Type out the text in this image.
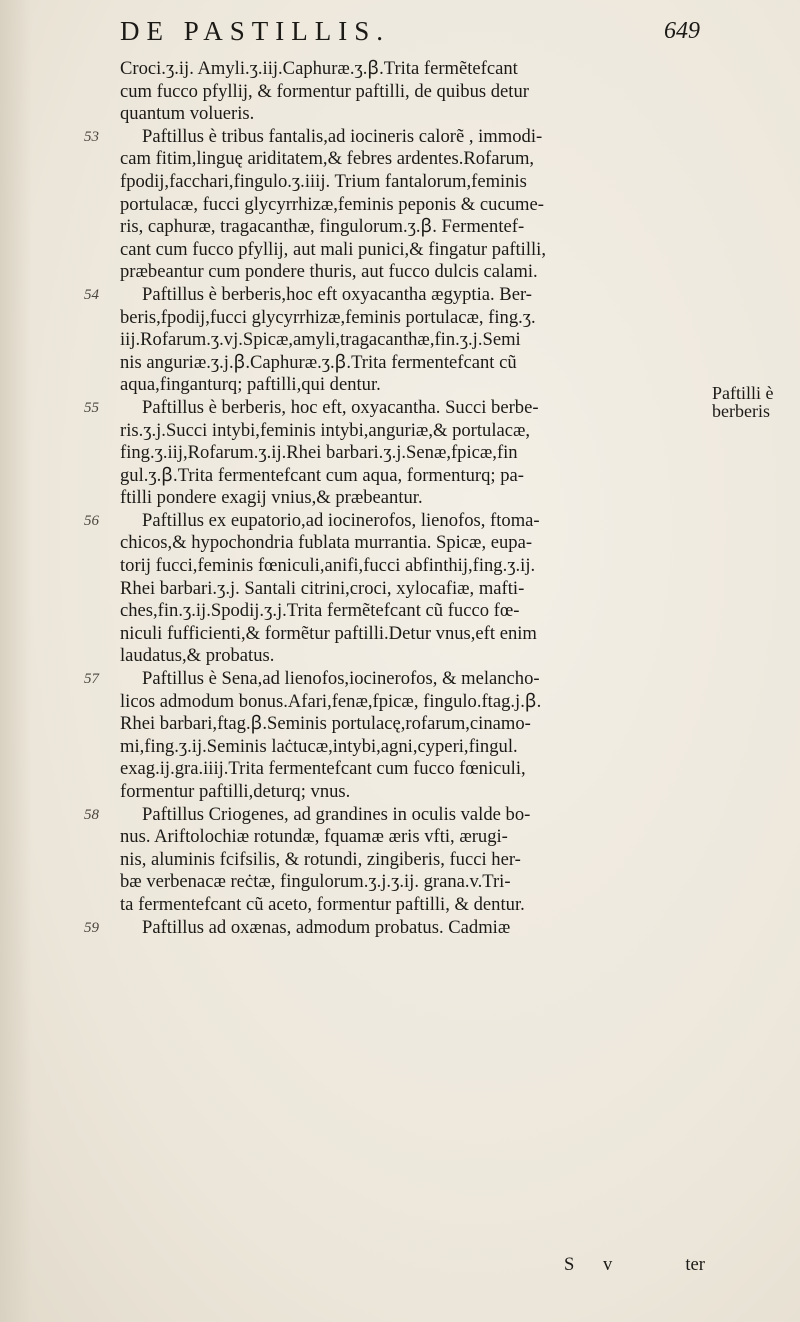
DE PASTILLIS.	649
Croci.ʒ.ij. Amyli.ʒ.iij.Caphuræ.ʒ.ꞵ.Trita fermẽtefcant
cum fucco pfyllij, & formentur paftilli, de quibus detur
quantum volueris.
53	Paftillus è tribus fantalis,ad iocineris calorẽ , immodi-
cam fitim,linguę ariditatem,& febres ardentes.Rofarum,
fpodij,facchari,fingulo.ʒ.iiij. Trium fantalorum,feminis
portulacæ, fucci glycyrrhizæ,feminis peponis & cucume-
ris, caphuræ, tragacanthæ, fingulorum.ʒ.ꞵ. Fermentef-
cant cum fucco pfyllij, aut mali punici,& fingatur paftilli,
præbeantur cum pondere thuris, aut fucco dulcis calami.
54	Paftillus è berberis,hoc eft oxyacantha ægyptia. Ber-
beris,fpodij,fucci glycyrrhizæ,feminis portulacæ, fing.ʒ.
iij.Rofarum.ʒ.vj.Spicæ,amyli,tragacanthæ,fin.ʒ.j.Semi
nis anguriæ.ʒ.j.ꞵ.Caphuræ.ʒ.ꞵ.Trita fermentefcant cũ
aqua,finganturq; paftilli,qui dentur.
55	Paftillus è berberis, hoc eft, oxyacantha. Succi berbe-
ris.ʒ.j.Succi intybi,feminis intybi,anguriæ,& portulacæ,
fing.ʒ.iij,Rofarum.ʒ.ij.Rhei barbari.ʒ.j.Senæ,fpicæ,fin
gul.ʒ.ꞵ.Trita fermentefcant cum aqua, formenturq; pa-
ftilli pondere exagij vnius,& præbeantur.
56	Paftillus ex eupatorio,ad iocinerofos, lienofos, ftoma-
chicos,& hypochondria fublata murrantia. Spicæ, eupa-
torij fucci,feminis fœniculi,anifi,fucci abfinthij,fing.ʒ.ij.
Rhei barbari.ʒ.j. Santali citrini,croci, xylocafiæ, mafti-
ches,fin.ʒ.ij.Spodij.ʒ.j.Trita fermẽtefcant cũ fucco fœ-
niculi fufficienti,& formẽtur paftilli.Detur vnus,eft enim
laudatus,& probatus.
57	Paftillus è Sena,ad lienofos,iocinerofos, & melancho-
licos admodum bonus.Afari,fenæ,fpicæ, fingulo.ftag.j.ꞵ.
Rhei barbari,ftag.ꞵ.Seminis portulacę,rofarum,cinamo-
mi,fing.ʒ.ij.Seminis laċtucæ,intybi,agni,cyperi,fingul.
exag.ij.gra.iiij.Trita fermentefcant cum fucco fœniculi,
formentur paftilli,deturq; vnus.
58	Paftillus Criogenes, ad grandines in oculis valde bo-
nus. Ariftolochiæ rotundæ, fquamæ æris vfti, ærugi-
nis, aluminis fcifsilis, & rotundi, zingiberis, fucci her-
bæ verbenacæ reċtæ, fingulorum.ʒ.j.ʒ.ij. grana.v.Tri-
ta fermentefcant cũ aceto, formentur paftilli, & dentur.
59	Paftillus ad oxænas, admodum probatus. Cadmiæ
Paftilli è
berberis
S v	ter
